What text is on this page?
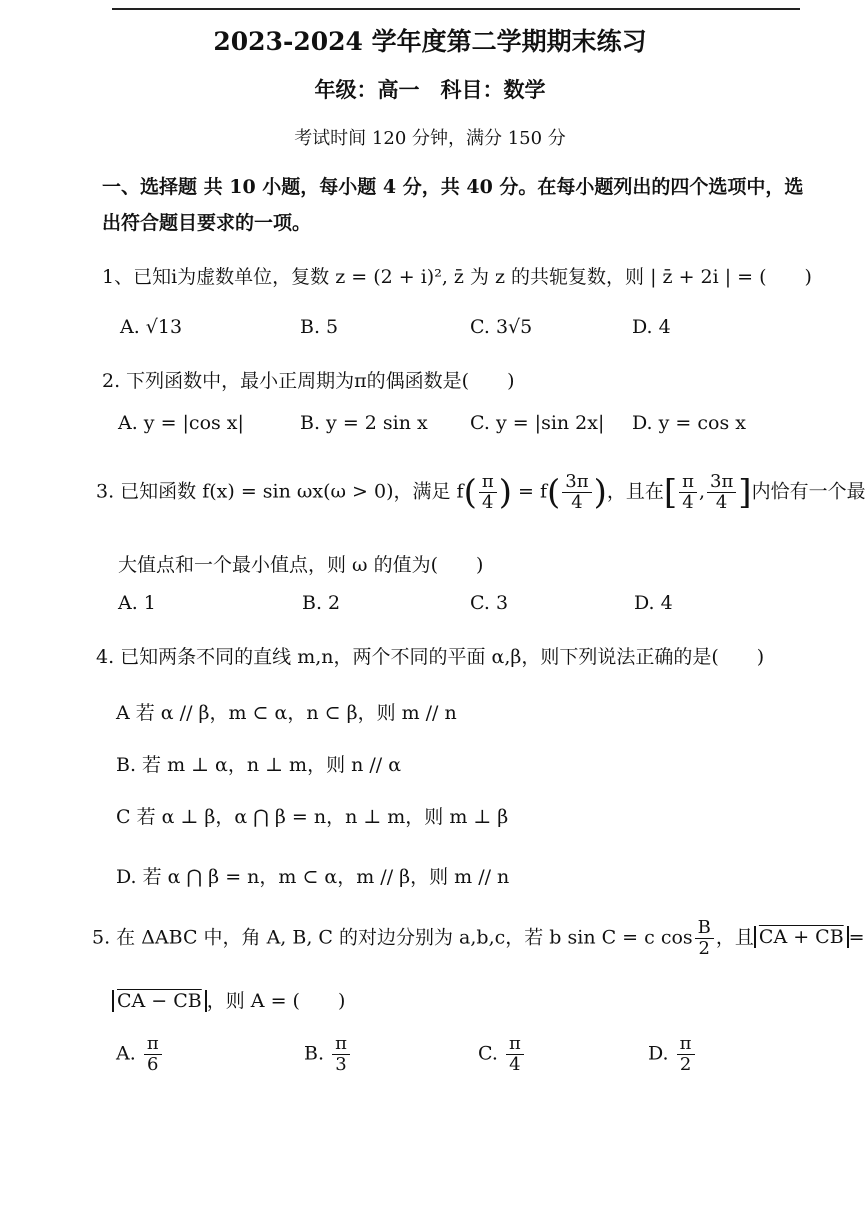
2023-2024 学年度第二学期期末练习
年级：高一　科目：数学
考试时间 120 分钟，满分 150 分
一、选择题 共 10 小题，每小题 4 分，共 40 分。在每小题列出的四个选项中，选
出符合题目要求的一项。
1、已知i为虚数单位，复数 z = (2 + i)², z̄ 为 z 的共轭复数，则 | z̄ + 2i | = (　　)
A. √13	B. 5	C. 3√5	D. 4
2. 下列函数中，最小正周期为π的偶函数是(　　)
A. y = |cos x|	B. y = 2 sin x C. y = |sin 2x| D. y = cos x
3. 已知函数 f(x) = sin ωx(ω > 0)，满足 $f( \frac{\pi}{4}$ ) = $f( \frac{3\pi}{4}$ )，且在[ $\frac{\pi}{4}$ , $\frac{3\pi}{4}$ ]内恰有一个最
大值点和一个最小值点，则 ω 的值为(　　)
A. 1	B. 2	C. 3	D. 4
4. 已知两条不同的直线 m,n，两个不同的平面 α,β，则下列说法正确的是(　　)
A 若 α // β，m ⊂ α，n ⊂ β，则 m // n
B. 若 m ⊥ α，n ⊥ m，则 n // α
C 若 α ⊥ β，α ⋂ β = n，n ⊥ m，则 m ⊥ β
D. 若 α ⋂ β = n，m ⊂ α，m // β，则 m // n
5. 在 ΔABC 中，角 A, B, C 的对边分别为 a,b,c，若 b sin C = c $\cos \frac{B}{2}$ ，且 CA + CB =
CA − CB ，则 A = (　　)
A. $\frac{\pi}{6}$	B. $\frac{\pi}{3}$	C. $\frac{\pi}{4}$	D. $\frac{\pi}{2}$
